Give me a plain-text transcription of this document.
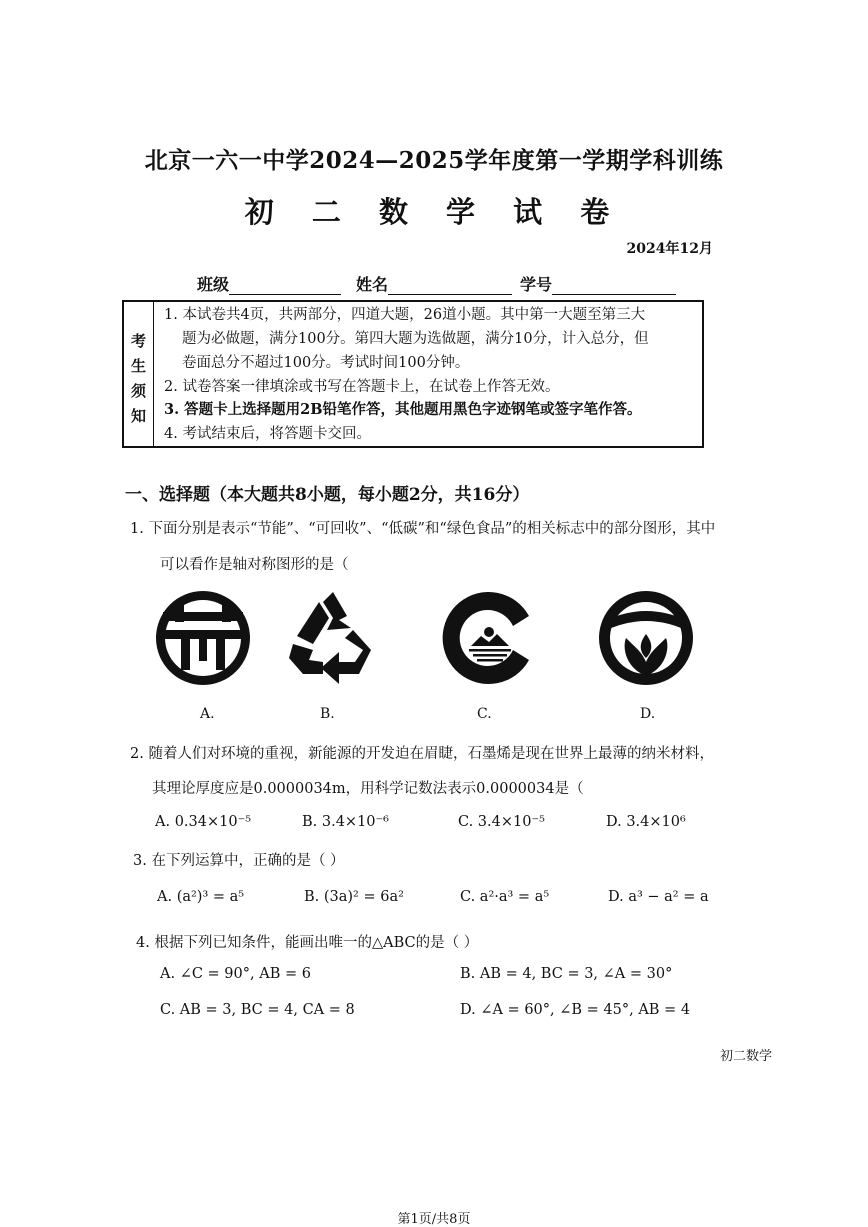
北京一六一中学2024—2025学年度第一学期学科训练
初 二 数 学 试 卷
2024年12月
班级	姓名	学号
考
生
须
知
1. 本试卷共4页，共两部分，四道大题，26道小题。其中第一大题至第三大
题为必做题，满分100分。第四大题为选做题，满分10分，计入总分，但
卷面总分不超过100分。考试时间100分钟。
2. 试卷答案一律填涂或书写在答题卡上，在试卷上作答无效。
3. 答题卡上选择题用2B铅笔作答，其他题用黑色字迹钢笔或签字笔作答。
4. 考试结束后，将答题卡交回。
一、选择题（本大题共8小题，每小题2分，共16分）
1. 下面分别是表示“节能”、“可回收”、“低碳”和“绿色食品”的相关标志中的部分图形，其中
可以看作是轴对称图形的是（
A.	B.	C.	D.
2. 随着人们对环境的重视，新能源的开发迫在眉睫，石墨烯是现在世界上最薄的纳米材料，
其理论厚度应是0.0000034m，用科学记数法表示0.0000034是（
A. 0.34×10⁻⁵	B. 3.4×10⁻⁶	C. 3.4×10⁻⁵	D. 3.4×10⁶
3. 在下列运算中，正确的是（ ）
A. (a²)³ = a⁵	B. (3a)² = 6a²	C. a²·a³ = a⁵	D. a³ − a² = a
4. 根据下列已知条件，能画出唯一的△ABC的是（ ）
A. ∠C = 90°, AB = 6	B. AB = 4, BC = 3, ∠A = 30°
C. AB = 3, BC = 4, CA = 8	D. ∠A = 60°, ∠B = 45°, AB = 4
初二数学
第1页/共8页
